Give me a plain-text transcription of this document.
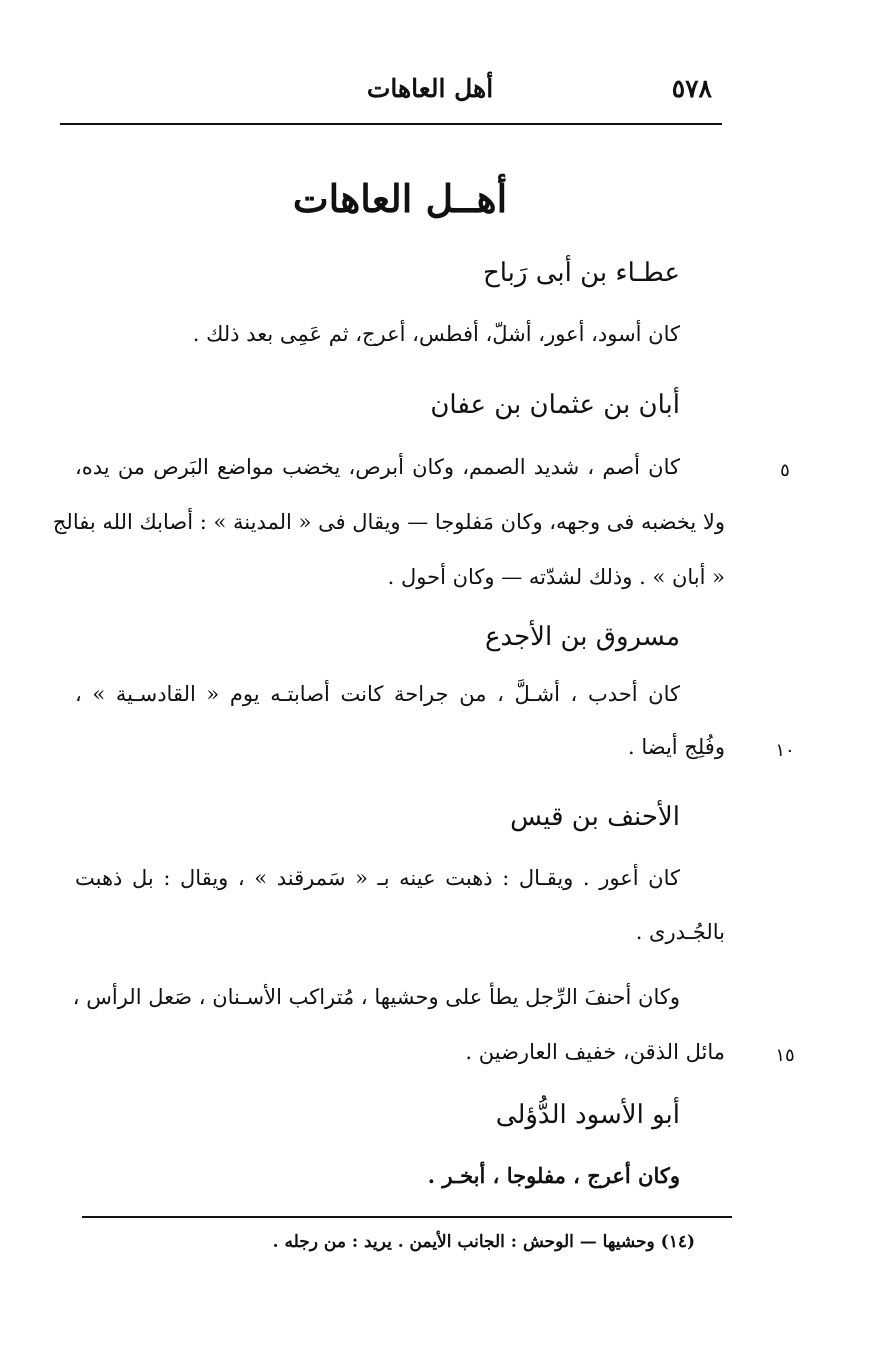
أهل العاهات	٥٧٨
أهــل العاهات
عطـاء بن أبى رَباح
كان أسود، أعور، أشلّ، أفطس، أعرج، ثم عَمِى بعد ذلك .
أبان بن عثمان بن عفان
كان أصم ، شديد الصمم، وكان أبرص، يخضب مواضع البَرص من يده،	٥
ولا يخضبه فى وجهه، وكان مَفلوجا — ويقال فى « المدينة » : أصابك الله بفالج
« أبان » . وذلك لشدّته — وكان أحول .
مسروق بن الأجدع
كان أحدب ، أشـلَّ ، من جراحة كانت أصابتـه يوم « القادسـية » ،
وفُلِج أيضا .	١٠
الأحنف بن قيس
كان أعور . ويقـال : ذهبت عينه بـ « سَمرقند » ، ويقال : بل ذهبت
بالجُـدرى .
وكان أحنفَ الرِّجل يطأ على وحشيها ، مُتراكب الأسـنان ، صَعل الرأس ،
مائل الذقن، خفيف العارضين .	١٥
أبو الأسود الدُّؤلى
وكان أعرج ، مفلوجا ، أبخـر .
(١٤) وحشيها — الوحش : الجانب الأيمن . يريد : من رجله .
